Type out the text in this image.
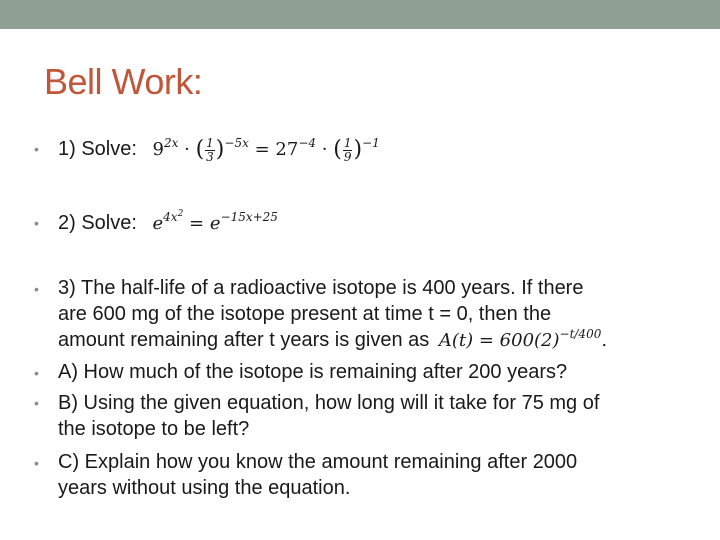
Bell Work:
• 1) Solve: $9^{2x}$ · ( $\frac{1}{3} )^{-5x} = 27^{-4}$ · ( $\frac{1}{9} )^{-1}$
• 2) Solve: $e^{4x^2} = e^{-15x+25}$
• 3) The half-life of a radioactive isotope is 400 years. If there
are 600 mg of the isotope present at time t = 0, then the
amount remaining after t years is given as $A(t) = 600(2)^{-t/400}$.
• A) How much of the isotope is remaining after 200 years?
• B) Using the given equation, how long will it take for 75 mg of
the isotope to be left?
• C) Explain how you know the amount remaining after 2000
years without using the equation.
